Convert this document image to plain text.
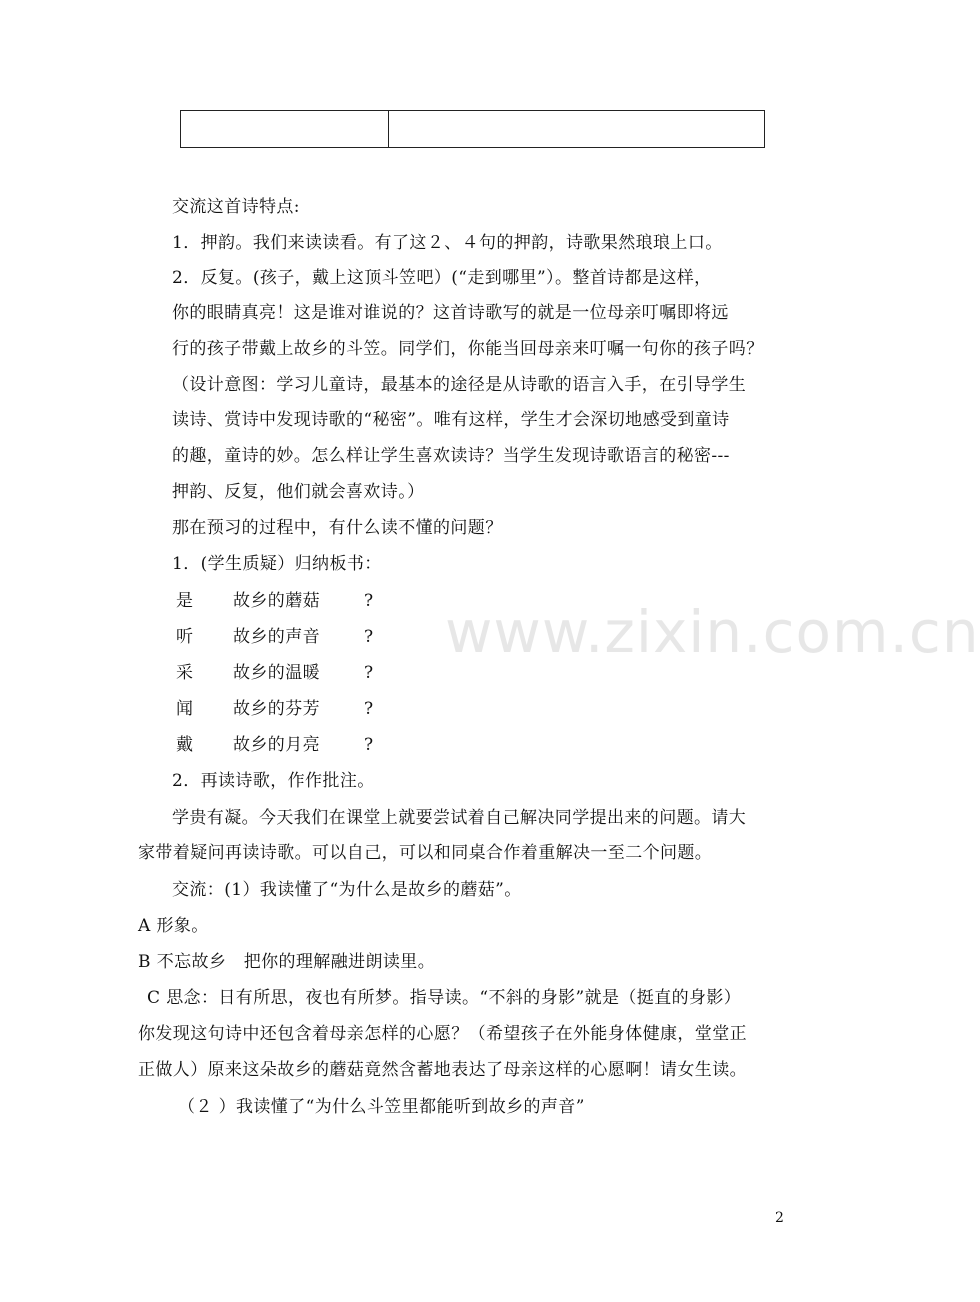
交流这首诗特点:
1．押韵。我们来读读看。有了这２、４句的押韵，诗歌果然琅琅上口。
2．反复。(孩子，戴上这顶斗笠吧）(“走到哪里”）。整首诗都是这样，
你的眼睛真亮！这是谁对谁说的？这首诗歌写的就是一位母亲叮嘱即将远
行的孩子带戴上故乡的斗笠。同学们，你能当回母亲来叮嘱一句你的孩子吗？
（设计意图：学习儿童诗，最基本的途径是从诗歌的语言入手，在引导学生
读诗、赏诗中发现诗歌的“秘密”。唯有这样，学生才会深切地感受到童诗
的趣，童诗的妙。怎么样让学生喜欢读诗？当学生发现诗歌语言的秘密---
押韵、反复，他们就会喜欢诗。）
那在预习的过程中，有什么读不懂的问题？
1．(学生质疑）归纳板书：
是 故乡的蘑菇	?
听 故乡的声音	?
采 故乡的温暖	?
闻 故乡的芬芳	?
戴 故乡的月亮	?
2．再读诗歌，作作批注。
学贵有凝。今天我们在课堂上就要尝试着自己解决同学提出来的问题。请大
家带着疑问再读诗歌。可以自己，可以和同桌合作着重解决一至二个问题。
交流：(1）我读懂了“为什么是故乡的蘑菇”。
A 形象。
B 不忘故乡　把你的理解融进朗读里。
C 思念：日有所思，夜也有所梦。指导读。“不斜的身影”就是（挺直的身影）
你发现这句诗中还包含着母亲怎样的心愿？（希望孩子在外能身体健康，堂堂正
正做人）原来这朵故乡的蘑菇竟然含蓄地表达了母亲这样的心愿啊！请女生读。
（２ ）我读懂了“为什么斗笠里都能听到故乡的声音”
2
www.zixin.com.cn
